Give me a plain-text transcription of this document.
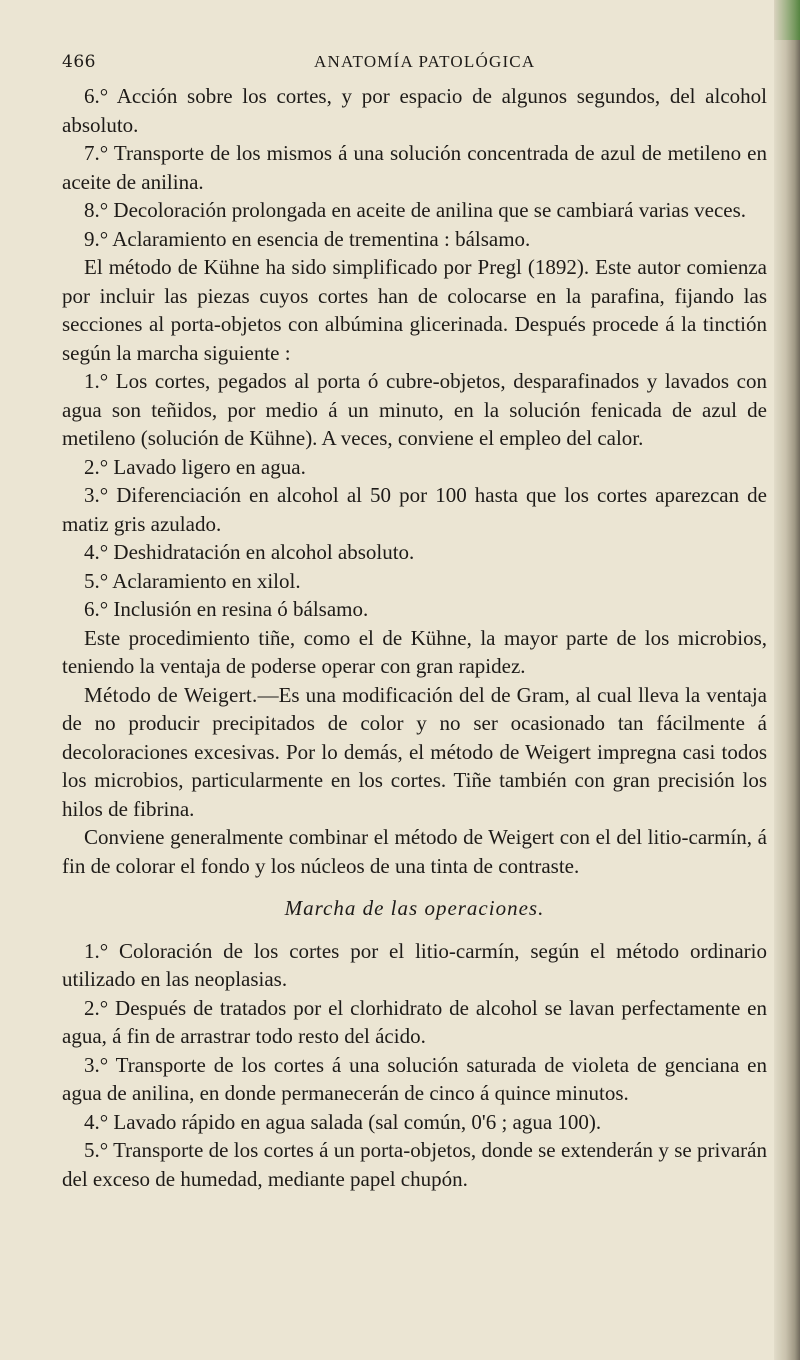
466	ANATOMÍA PATOLÓGICA

6.° Acción sobre los cortes, y por espacio de algunos segundos, del alcohol absoluto.

7.° Transporte de los mismos á una solución concentrada de azul de metileno en aceite de anilina.

8.° Decoloración prolongada en aceite de anilina que se cambiará varias veces.

9.° Aclaramiento en esencia de trementina : bálsamo.

El método de Kühne ha sido simplificado por Pregl (1892). Este autor comienza por incluir las piezas cuyos cortes han de colocarse en la parafina, fijando las secciones al porta-objetos con albúmina glicerinada. Después procede á la tinctión según la marcha siguiente :

1.° Los cortes, pegados al porta ó cubre-objetos, desparafinados y lavados con agua son teñidos, por medio á un minuto, en la solución fenicada de azul de metileno (solución de Kühne). A veces, conviene el empleo del calor.

2.° Lavado ligero en agua.

3.° Diferenciación en alcohol al 50 por 100 hasta que los cortes aparezcan de matiz gris azulado.

4.° Deshidratación en alcohol absoluto.

5.° Aclaramiento en xilol.

6.° Inclusión en resina ó bálsamo.

Este procedimiento tiñe, como el de Kühne, la mayor parte de los microbios, teniendo la ventaja de poderse operar con gran rapidez.

Método de Weigert.—Es una modificación del de Gram, al cual lleva la ventaja de no producir precipitados de color y no ser ocasionado tan fácilmente á decoloraciones excesivas. Por lo demás, el método de Weigert impregna casi todos los microbios, particularmente en los cortes. Tiñe también con gran precisión los hilos de fibrina.

Conviene generalmente combinar el método de Weigert con el del litio-carmín, á fin de colorar el fondo y los núcleos de una tinta de contraste.

Marcha de las operaciones.

1.° Coloración de los cortes por el litio-carmín, según el método ordinario utilizado en las neoplasias.

2.° Después de tratados por el clorhidrato de alcohol se lavan perfectamente en agua, á fin de arrastrar todo resto del ácido.

3.° Transporte de los cortes á una solución saturada de violeta de genciana en agua de anilina, en donde permanecerán de cinco á quince minutos.

4.° Lavado rápido en agua salada (sal común, 0'6 ; agua 100).

5.° Transporte de los cortes á un porta-objetos, donde se extenderán y se privarán del exceso de humedad, mediante papel chupón.
